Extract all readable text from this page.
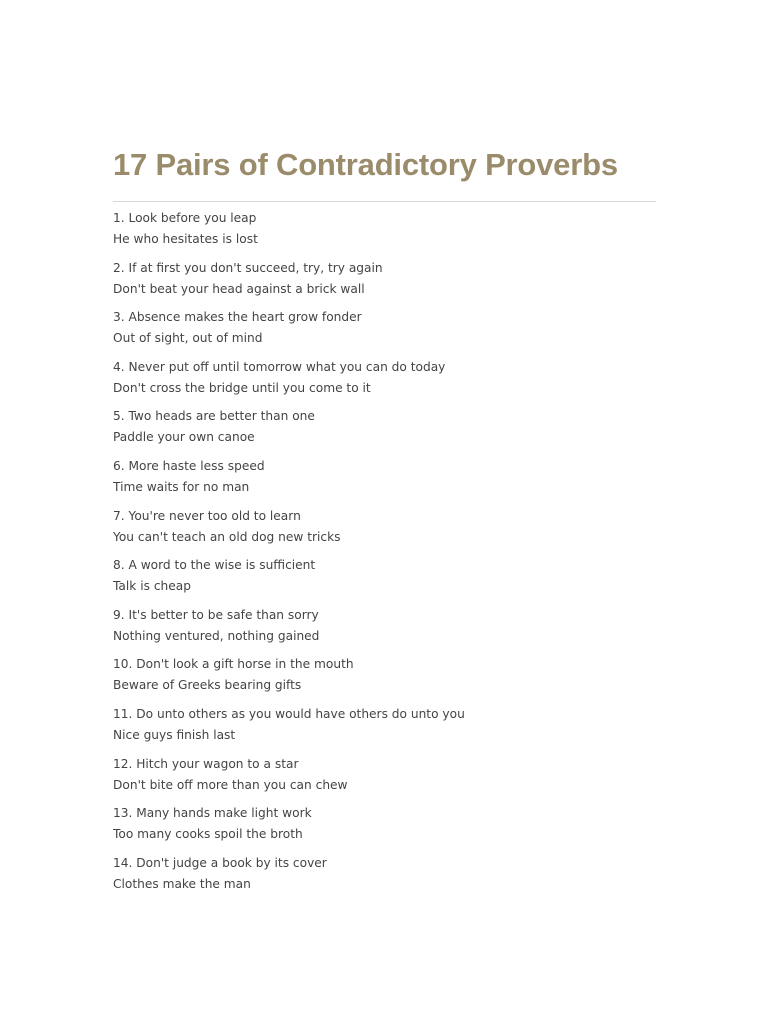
17 Pairs of Contradictory Proverbs
1. Look before you leap
He who hesitates is lost
2. If at first you don't succeed, try, try again
Don't beat your head against a brick wall
3. Absence makes the heart grow fonder
Out of sight, out of mind
4. Never put off until tomorrow what you can do today
Don't cross the bridge until you come to it
5. Two heads are better than one
Paddle your own canoe
6. More haste less speed
Time waits for no man
7. You're never too old to learn
You can't teach an old dog new tricks
8. A word to the wise is sufficient
Talk is cheap
9. It's better to be safe than sorry
Nothing ventured, nothing gained
10. Don't look a gift horse in the mouth
Beware of Greeks bearing gifts
11. Do unto others as you would have others do unto you
Nice guys finish last
12. Hitch your wagon to a star
Don't bite off more than you can chew
13. Many hands make light work
Too many cooks spoil the broth
14. Don't judge a book by its cover
Clothes make the man
